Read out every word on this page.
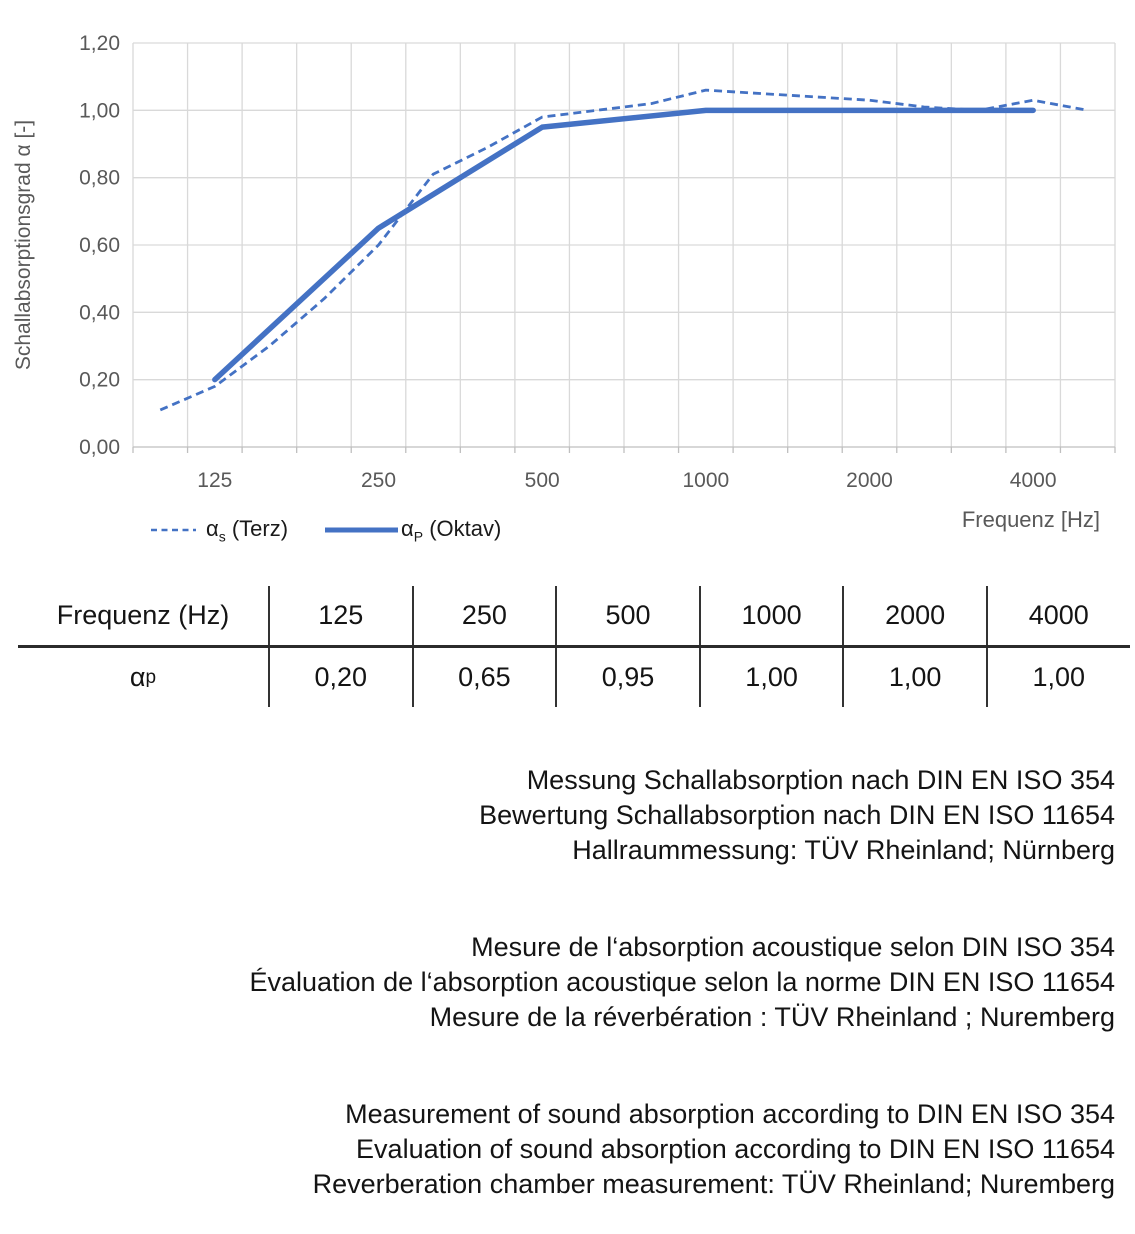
0,00
0,20
0,40
0,60
0,80
1,00
1,20
125	250	500	1000	2000	4000
Frequenz [Hz]
Schallabsorptionsgrad α [-]
$\alpha_s$ (Terz)	$\alpha_P$ (Oktav)
Frequenz (Hz)	125	250	500	1000	2000	4000
α p	0,20	0,65	0,95	1,00	1,00	1,00
Messung Schallabsorption nach DIN EN ISO 354
Bewertung Schallabsorption nach DIN EN ISO 11654
Hallraummessung: TÜV Rheinland; Nürnberg
Mesure de l‘absorption acoustique selon DIN ISO 354
Évaluation de l‘absorption acoustique selon la norme DIN EN ISO 11654
Mesure de la réverbération : TÜV Rheinland ; Nuremberg
Measurement of sound absorption according to DIN EN ISO 354
Evaluation of sound absorption according to DIN EN ISO 11654
Reverberation chamber measurement: TÜV Rheinland; Nuremberg
